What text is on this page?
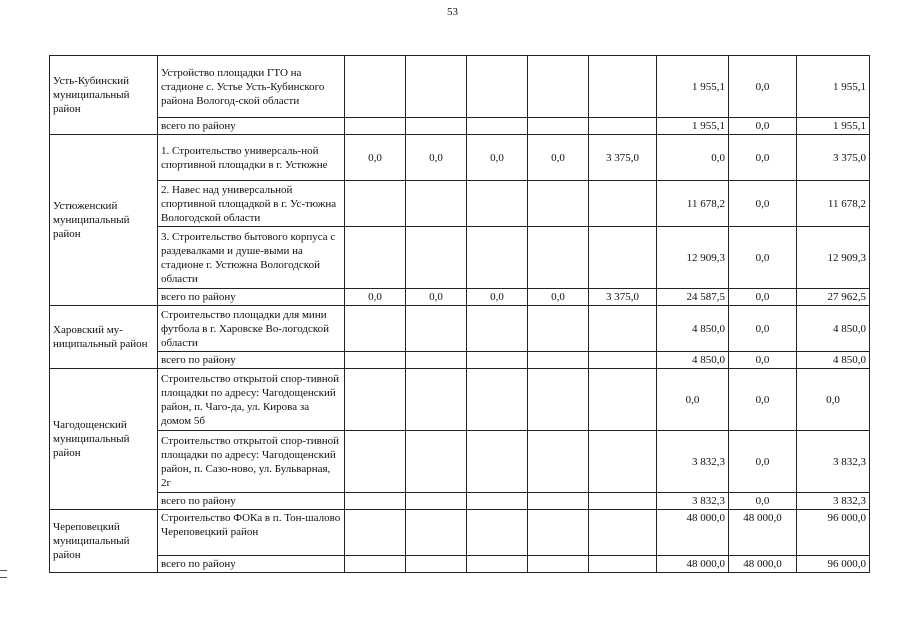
53
Усть-Кубинский муниципальный район	Устройство площадки ГТО на стадионе с. Устье Усть-Кубинского района Вологод-ской области						1 955,1	0,0	1 955,1
	всего по району						1 955,1	0,0	1 955,1
Устюженский муниципальный район	1. Строительство универсаль-ной спортивной площадки в г. Устюжне	0,0	0,0	0,0	0,0	3 375,0	0,0	0,0	3 375,0
	2. Навес над универсальной спортивной площадкой в г. Ус-тюжна Вологодской области						11 678,2	0,0	11 678,2
	3. Строительство бытового корпуса с раздевалками и душе-выми на стадионе г. Устюжна Вологодской области						12 909,3	0,0	12 909,3
	всего по району	0,0	0,0	0,0	0,0	3 375,0	24 587,5	0,0	27 962,5
Харовский му-ниципальный район	Строительство площадки для мини футбола в г. Харовске Во-логодской области						4 850,0	0,0	4 850,0
	всего по району						4 850,0	0,0	4 850,0
Чагодощенский муниципальный район	Строительство открытой спор-тивной площадки по адресу: Чагодощенский район, п. Чаго-да, ул. Кирова за домом 5б						0,0	0,0	0,0
	Строительство открытой спор-тивной площадки по адресу: Чагодощенский район, п. Сазо-ново, ул. Бульварная, 2г						3 832,3	0,0	3 832,3
	всего по району						3 832,3	0,0	3 832,3
Череповецкий муниципальный район	Строительство ФОКа в п. Тон-шалово Череповецкий район						48 000,0	48 000,0	96 000,0
	всего по району						48 000,0	48 000,0	96 000,0
